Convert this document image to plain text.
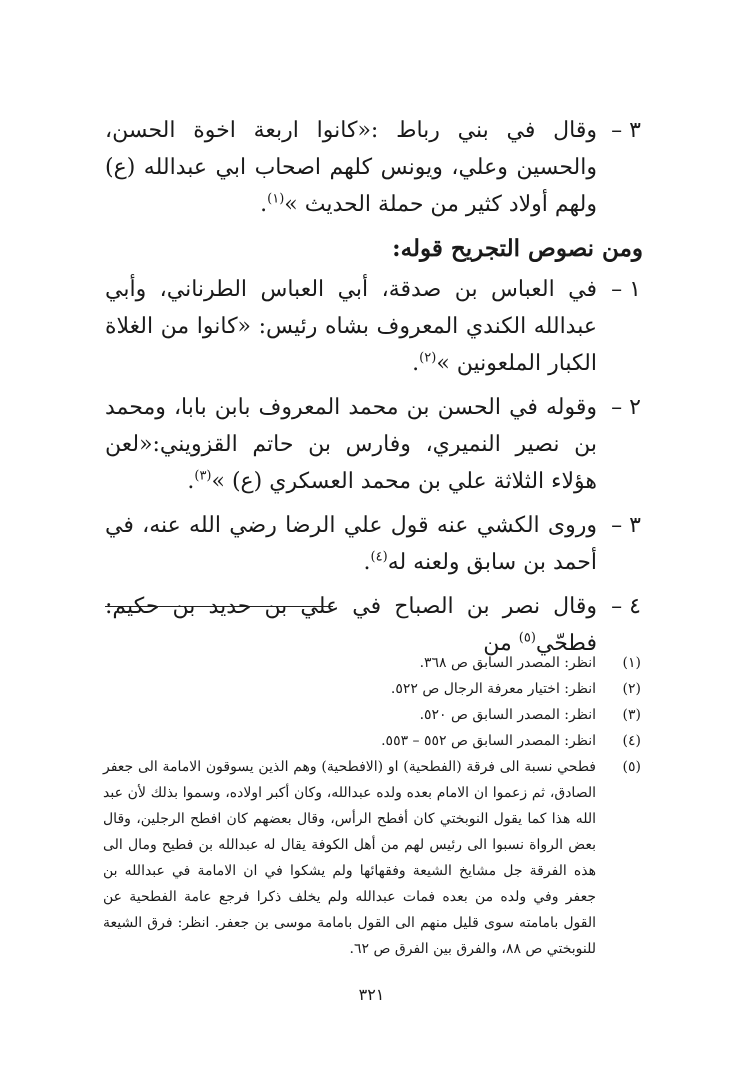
٣ –
وقال في بني رباط :«كانوا اربعة اخوة الحسن، والحسين وعلي، ويونس كلهم اصحاب ابي عبدالله (ع) ولهم أولاد كثير من حملة الحديث »$^{(١)}$.
ومن نصوص التجريح قوله:
١ –
في العباس بن صدقة، أبي العباس الطرناني، وأبي عبدالله الكندي المعروف بشاه رئيس: «كانوا من الغلاة الكبار الملعونين »$^{(٢)}$.
٢ –
وقوله في الحسن بن محمد المعروف بابن بابا، ومحمد بن نصير النميري، وفارس بن حاتم القزويني:«لعن هؤلاء الثلاثة علي بن محمد العسكري (ع) »$^{(٣)}$.
٣ –
وروى الكشي عنه قول علي الرضا رضي الله عنه، في أحمد بن سابق ولعنه له$^{(٤)}$.
٤ –
وقال نصر بن الصباح في علي بن حديد بن حكيم: فطحّي$^{(٥)}$ من
(١)
انظر: المصدر السابق ص ٣٦٨.
(٢)
انظر: اختيار معرفة الرجال ص ٥٢٢.
(٣)
انظر: المصدر السابق ص ٥٢٠.
(٤)
انظر: المصدر السابق ص ٥٥٢ – ٥٥٣.
(٥)
فطحي نسبة الى فرقة (الفطحية) او (الافطحية) وهم الذين يسوقون الامامة الى جعفر الصادق، ثم زعموا ان الامام بعده ولده عبدالله، وكان أكبر اولاده، وسموا بذلك لأن عبد الله هذا كما يقول النوبختي كان أفطح الرأس، وقال بعضهم كان افطح الرجلين، وقال بعض الرواة نسبوا الى رئيس لهم من أهل الكوفة يقال له عبدالله بن فطيح ومال الى هذه الفرقة جل مشايخ الشيعة وفقهائها ولم يشكوا في ان الامامة في عبدالله بن جعفر وفي ولده من بعده فمات عبدالله ولم يخلف ذكرا فرجع عامة الفطحية عن القول بامامته سوى قليل منهم الى القول بامامة موسى بن جعفر. انظر: فرق الشيعة للنوبختي ص ٨٨، والفرق بين الفرق ص ٦٢.
٣٢١
